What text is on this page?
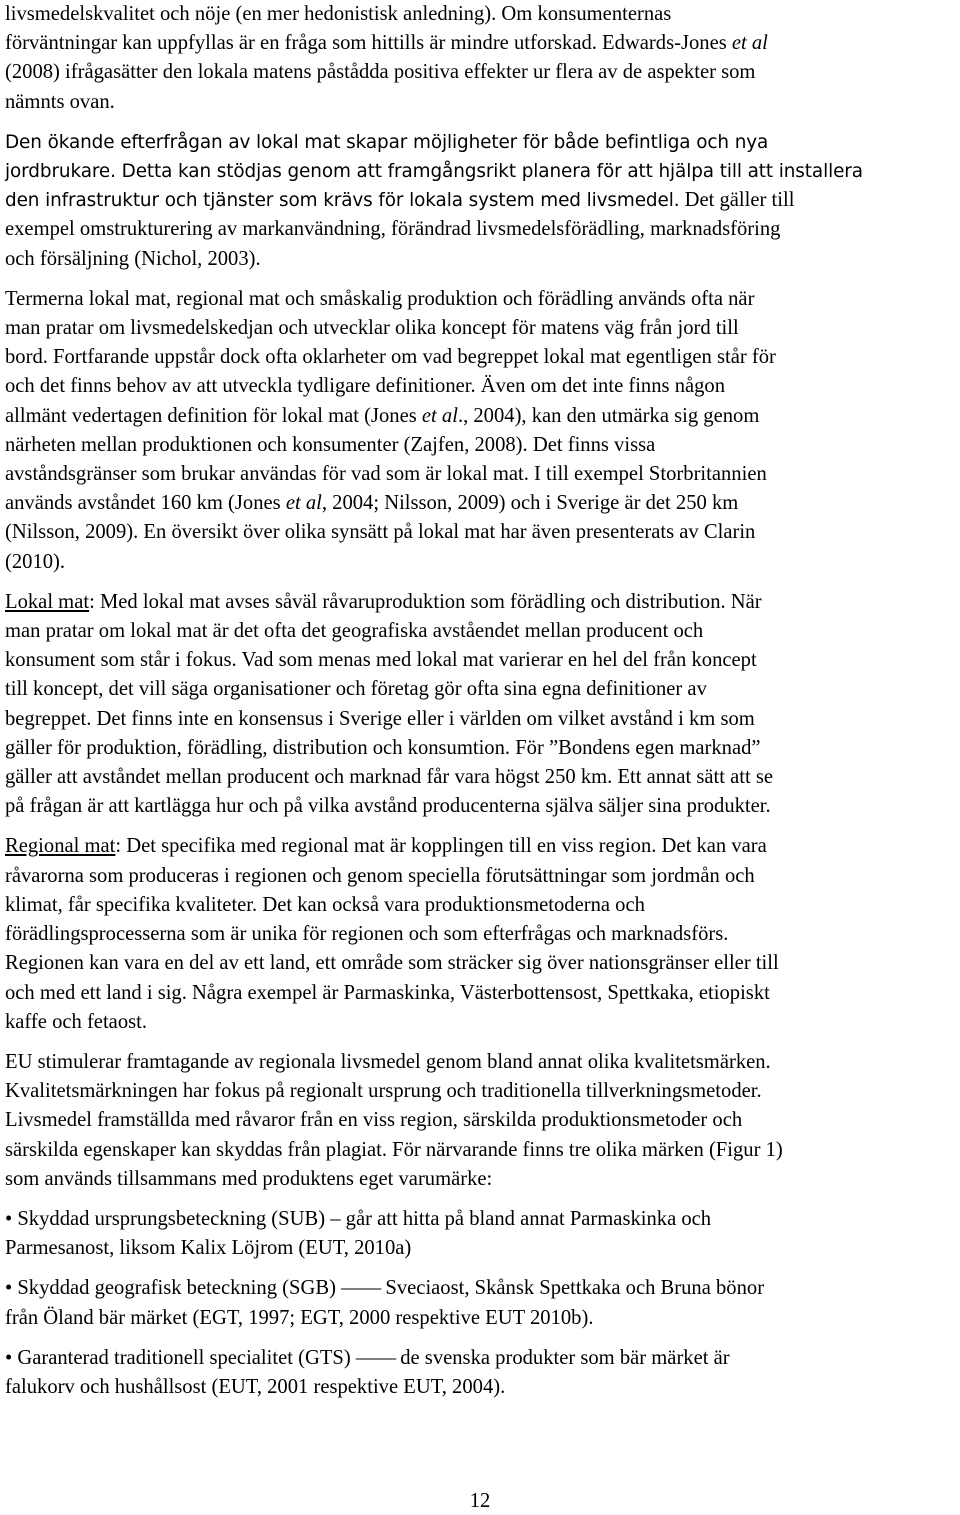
livsmedelskvalitet och nöje (en mer hedonistisk anledning). Om konsumenternas

förväntningar kan uppfyllas är en fråga som hittills är mindre utforskad. Edwards-Jones et al

(2008) ifrågasätter den lokala matens påstådda positiva effekter ur flera av de aspekter som

nämnts ovan.

Den ökande efterfrågan av lokal mat skapar möjligheter för både befintliga och nya

jordbrukare. Detta kan stödjas genom att framgångsrikt planera för att hjälpa till att installera

den infrastruktur och tjänster som krävs för lokala system med livsmedel. Det gäller till

exempel omstrukturering av markanvändning, förändrad livsmedelsförädling, marknadsföring

och försäljning (Nichol, 2003).

Termerna lokal mat, regional mat och småskalig produktion och förädling används ofta när

man pratar om livsmedelskedjan och utvecklar olika koncept för matens väg från jord till

bord. Fortfarande uppstår dock ofta oklarheter om vad begreppet lokal mat egentligen står för

och det finns behov av att utveckla tydligare definitioner. Även om det inte finns någon

allmänt vedertagen definition för lokal mat (Jones et al., 2004), kan den utmärka sig genom

närheten mellan produktionen och konsumenter (Zajfen, 2008). Det finns vissa

avståndsgränser som brukar användas för vad som är lokal mat. I till exempel Storbritannien

används avståndet 160 km (Jones et al, 2004; Nilsson, 2009) och i Sverige är det 250 km

(Nilsson, 2009). En översikt över olika synsätt på lokal mat har även presenterats av Clarin

(2010).

Lokal mat: Med lokal mat avses såväl råvaruproduktion som förädling och distribution. När

man pratar om lokal mat är det ofta det geografiska avståendet mellan producent och

konsument som står i fokus. Vad som menas med lokal mat varierar en hel del från koncept

till koncept, det vill säga organisationer och företag gör ofta sina egna definitioner av

begreppet. Det finns inte en konsensus i Sverige eller i världen om vilket avstånd i km som

gäller för produktion, förädling, distribution och konsumtion. För ”Bondens egen marknad”

gäller att avståndet mellan producent och marknad får vara högst 250 km. Ett annat sätt att se

på frågan är att kartlägga hur och på vilka avstånd producenterna själva säljer sina produkter.

Regional mat: Det specifika med regional mat är kopplingen till en viss region. Det kan vara

råvarorna som produceras i regionen och genom speciella förutsättningar som jordmån och

klimat, får specifika kvaliteter. Det kan också vara produktionsmetoderna och

förädlingsprocesserna som är unika för regionen och som efterfrågas och marknadsförs.

Regionen kan vara en del av ett land, ett område som sträcker sig över nationsgränser eller till

och med ett land i sig. Några exempel är Parmaskinka, Västerbottensost, Spettkaka, etiopiskt

kaffe och fetaost.

EU stimulerar framtagande av regionala livsmedel genom bland annat olika kvalitetsmärken.

Kvalitetsmärkningen har fokus på regionalt ursprung och traditionella tillverkningsmetoder.

Livsmedel framställda med råvaror från en viss region, särskilda produktionsmetoder och

särskilda egenskaper kan skyddas från plagiat. För närvarande finns tre olika märken (Figur 1)

som används tillsammans med produktens eget varumärke:

• Skyddad ursprungsbeteckning (SUB) – går att hitta på bland annat Parmaskinka och

Parmesanost, liksom Kalix Löjrom (EUT, 2010a)

• Skyddad geografisk beteckning (SGB) —— Sveciaost, Skånsk Spettkaka och Bruna bönor

från Öland bär märket (EGT, 1997; EGT, 2000 respektive EUT 2010b).

• Garanterad traditionell specialitet (GTS) —— de svenska produkter som bär märket är

falukorv och hushållsost (EUT, 2001 respektive EUT, 2004).

12
